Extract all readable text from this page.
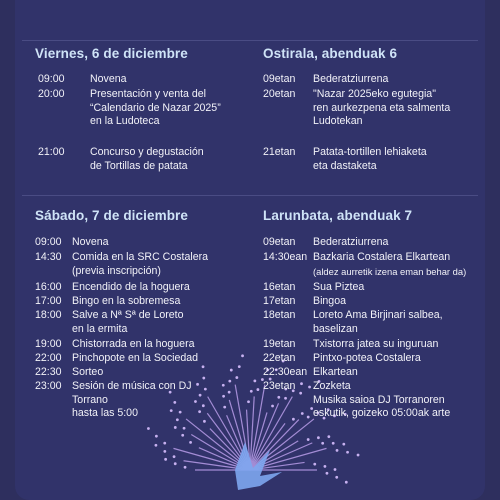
Viernes, 6 de diciembre
09:00 Novena
20:00 Presentación y venta del
“Calendario de Nazar 2025”
en la Ludoteca
21:00 Concurso y degustación
de Tortillas de patata
Ostirala, abenduak 6
09etan Bederatziurrena
20etan "Nazar 2025eko egutegia"
ren aurkezpena eta salmenta
Ludotekan
21etan Patata-tortillen lehiaketa
eta dastaketa
Sábado, 7 de diciembre
09:00 Novena
14:30 Comida en la SRC Costalera
(previa inscripción)
16:00 Encendido de la hoguera
17:00 Bingo en la sobremesa
18:00 Salve a Nª Sª de Loreto
en la ermita
19:00 Chistorrada en la hoguera
22:00 Pinchopote en la Sociedad
22:30 Sorteo
23:00 Sesión de música con DJ
Torrano
hasta las 5:00
Larunbata, abenduak 7
09etan Bederatziurrena
14:30ean Bazkaria Costalera Elkartean
(aldez aurretik izena eman behar da)
16etan Sua Piztea
17etan Bingoa
18etan Loreto Ama Birjinari salbea,
baselizan
19etan Txistorra jatea su inguruan
22etan Pintxo-potea Costalera
22:30ean Elkartean
23etan Zozketa
Musika saioa DJ Torranoren
eskutik, goizeko 05:00ak arte
